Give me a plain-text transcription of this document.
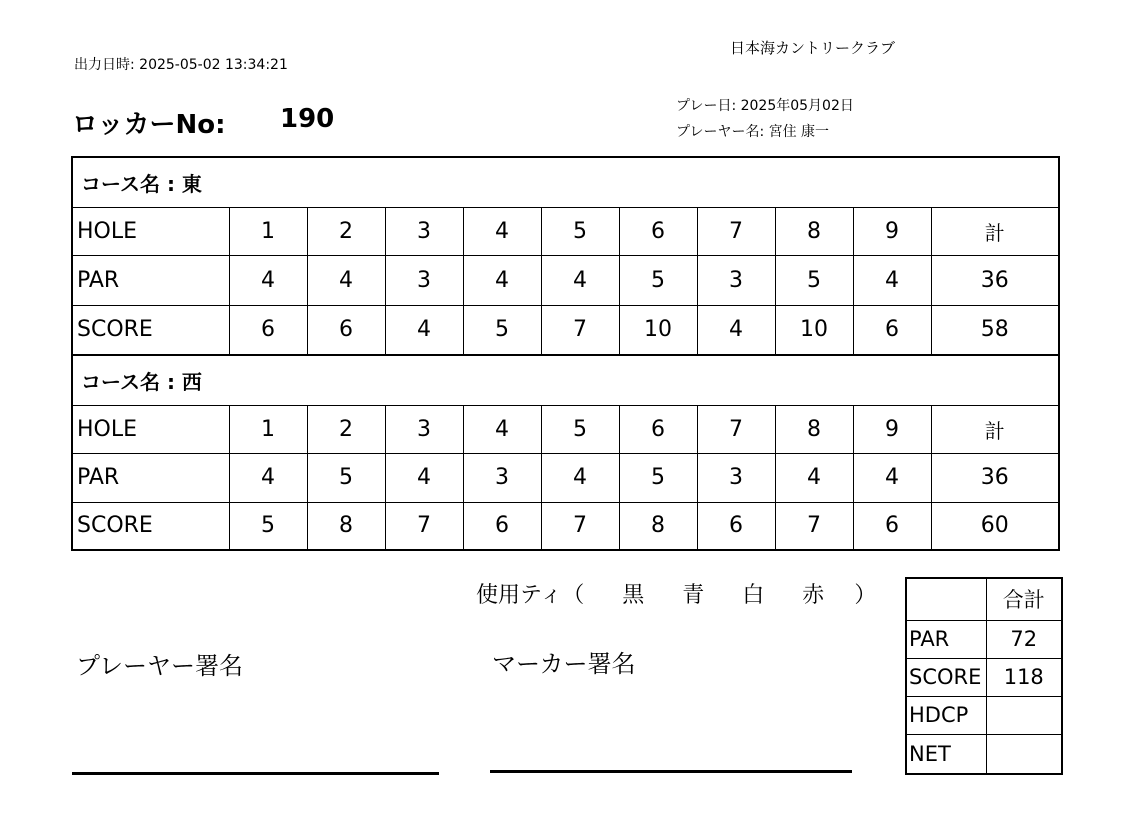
出力日時: 2025-05-02 13:34:21
日本海カントリークラブ
ロッカーNo: 190	プレー日: 2025年05月02日
プレーヤー名: 宮住 康一
コース名 : 東										
HOLE	1	2	3	4	5	6	7	8	9	計
PAR	4	4	3	4	4	5	3	5	4	36
SCORE	6	6	4	5	7	10	4	10	6	58
コース名 : 西										
HOLE	1	2	3	4	5	6	7	8	9	計
PAR	4	5	4	3	4	5	3	4	4	36
SCORE	5	8	7	6	7	8	6	7	6	60
使用ティ（ 黒 青 白 赤 ）
プレーヤー署名	マーカー署名
	合計
PAR	72
SCORE	118
HDCP	
NET	
